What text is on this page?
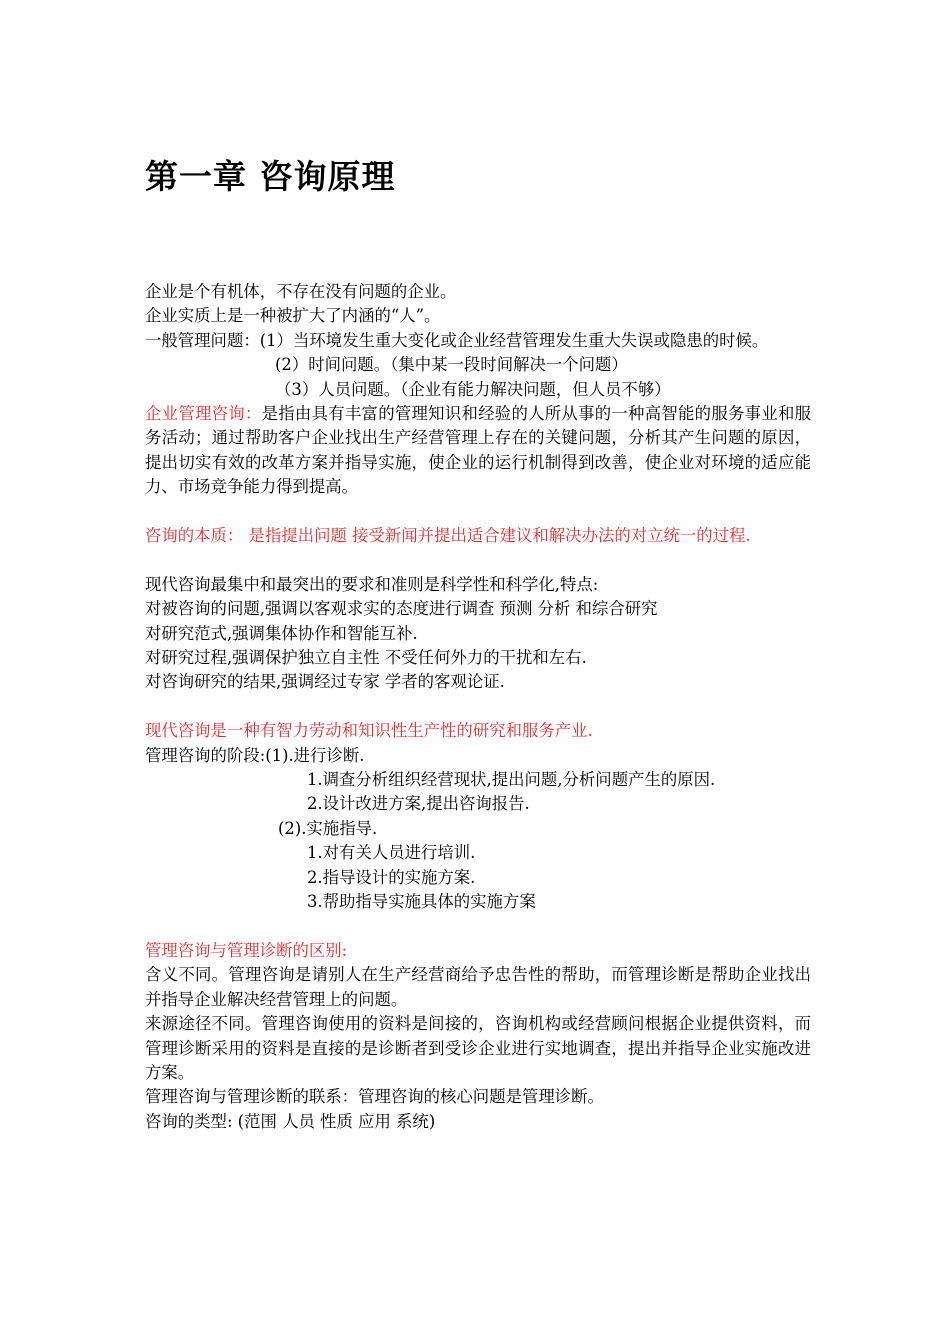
第一章 咨询原理

企业是个有机体，不存在没有问题的企业。

企业实质上是一种被扩大了内涵的“人”。

一般管理问题：(1）当环境发生重大变化或企业经营管理发生重大失误或隐患的时候。

(2）时间问题。（集中某一段时间解决一个问题）

（3）人员问题。（企业有能力解决问题，但人员不够）

企业管理咨询：是指由具有丰富的管理知识和经验的人所从事的一种高智能的服务事业和服务活动；通过帮助客户企业找出生产经营管理上存在的关键问题，分析其产生问题的原因，提出切实有效的改革方案并指导实施，使企业的运行机制得到改善，使企业对环境的适应能力、市场竞争能力得到提高。

咨询的本质： 是指提出问题 接受新闻并提出适合建议和解决办法的对立统一的过程.

现代咨询最集中和最突出的要求和准则是科学性和科学化,特点:

对被咨询的问题,强调以客观求实的态度进行调查 预测 分析 和综合研究

对研究范式,强调集体协作和智能互补.

对研究过程,强调保护独立自主性 不受任何外力的干扰和左右.

对咨询研究的结果,强调经过专家 学者的客观论证.

现代咨询是一种有智力劳动和知识性生产性的研究和服务产业.

管理咨询的阶段:(1).进行诊断.

1.调查分析组织经营现状,提出问题,分析问题产生的原因.

2.设计改进方案,提出咨询报告.

(2).实施指导.

1.对有关人员进行培训.

2.指导设计的实施方案.

3.帮助指导实施具体的实施方案

管理咨询与管理诊断的区别:

含义不同。管理咨询是请别人在生产经营商给予忠告性的帮助，而管理诊断是帮助企业找出并指导企业解决经营管理上的问题。

来源途径不同。管理咨询使用的资料是间接的，咨询机构或经营顾问根据企业提供资料，而管理诊断采用的资料是直接的是诊断者到受诊企业进行实地调查，提出并指导企业实施改进方案。

管理咨询与管理诊断的联系：管理咨询的核心问题是管理诊断。

咨询的类型: (范围 人员 性质 应用 系统)
